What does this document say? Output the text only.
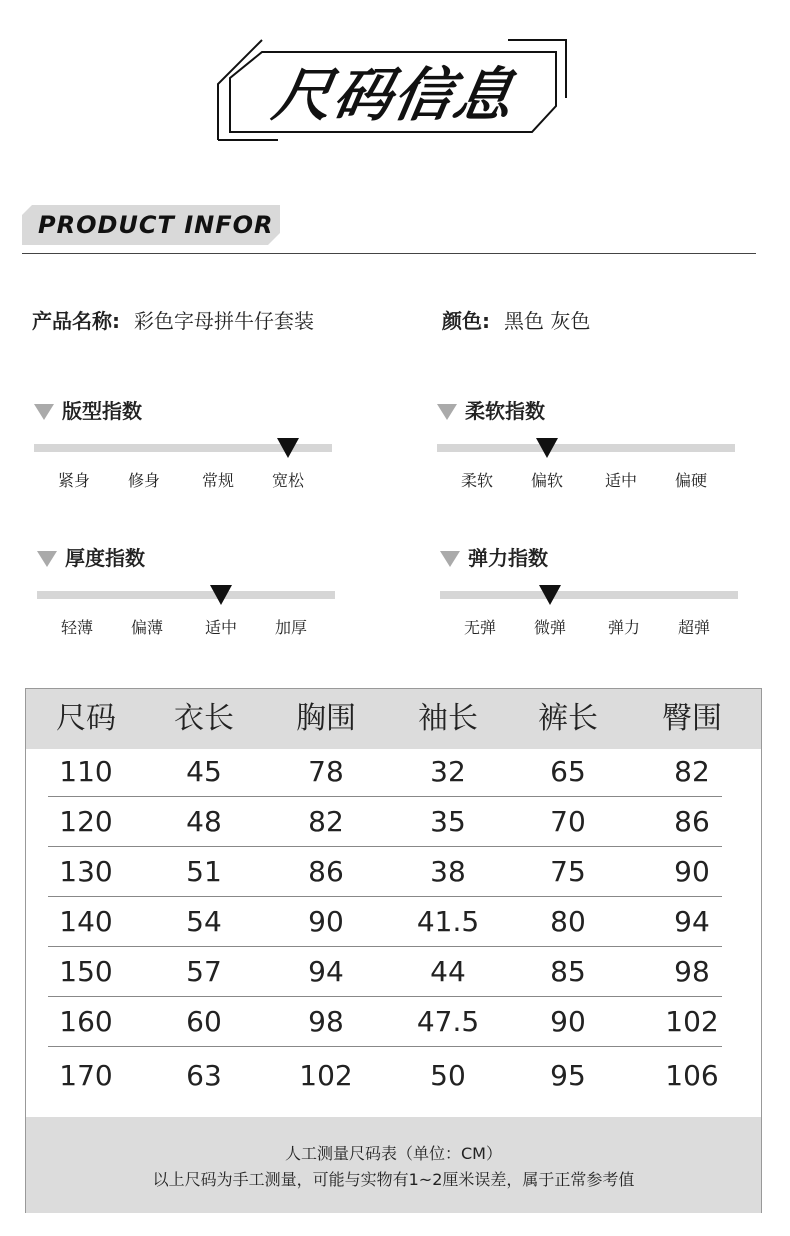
尺码信息
PRODUCT INFOR
产品名称: 彩色字母拼牛仔套装	颜色: 黑色 灰色
版型指数
紧身	修身	常规	宽松
柔软指数
柔软	偏软	适中	偏硬
厚度指数
轻薄	偏薄	适中	加厚
弹力指数
无弹	微弹	弹力	超弹
尺码	衣长	胸围	袖长	裤长	臀围
110	45	78	32	65	82
120	48	82	35	70	86
130	51	86	38	75	90
140	54	90	41.5	80	94
150	57	94	44	85	98
160	60	98	47.5	90	102
170	63	102	50	95	106
人工测量尺码表（单位：CM）
以上尺码为手工测量，可能与实物有1~2厘米误差，属于正常参考值
